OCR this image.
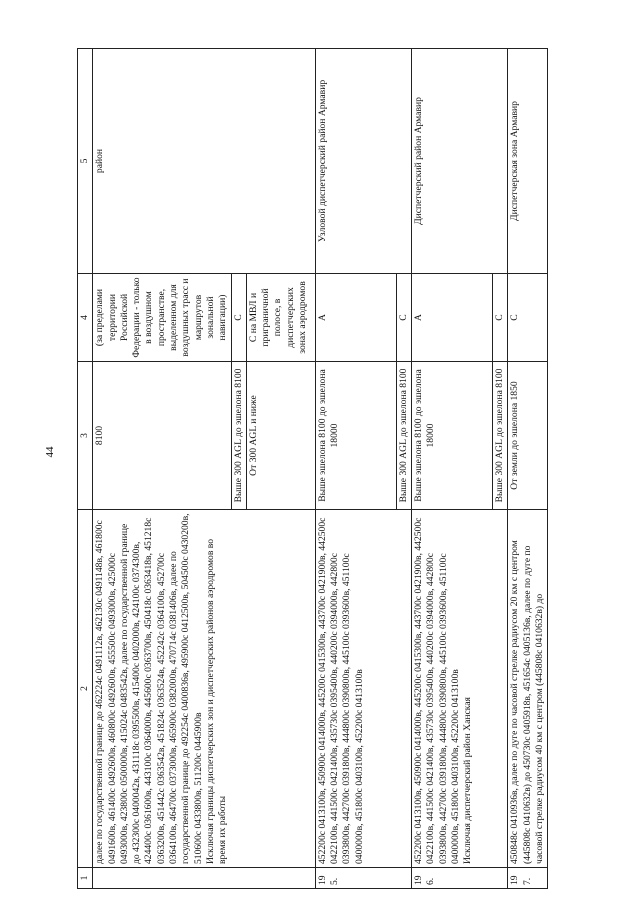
44
1	2	3	4	5

	далее по государственной границе до 462224с 0491112в, 462130с 0491148в, 461800с 0491600в, 461400с 0492600в, 460800с 0492600в, 455500с 0493000в, 425000с 0493000в, 423800с 0500000в, 415024с 0483542в, далее по государственной границе до 432300с 0400042в, 431118с 0395500в, 415400с 0402000в, 424100с 0374300в, 424400с 0361600в, 443100с 0364000в, 445600с 0363700в, 450418с 0363418в, 451218с 0363200в, 451442с 0363542в, 451824с 0363524в, 452242с 0364100в, 452700с 0364100в, 464700с 0373000в, 465900с 0382000в, 470714с 0381406в, далее по государственной границе до 492254с 0400836в, 495900с 0412500в, 504500с 0430200в, 510600с 0433800в, 511200с 0445900в Исключая границы диспетчерских зон и диспетчерских районов аэродромов во время их работы	8100	(за пределами территории Российской Федерации - только в воздушном пространстве, выделенном для воздушных трасс и маршрутов зональной навигации)	район
		Выше 300 AGL до эшелона 8100	C	
		От 300 AGL и ниже	C на МВЛ и приграничной полосе, в диспетчерских зонах аэродромов	
195.	452200с 0413100в, 450900с 0414000в, 445200с 0415300в, 443700с 0421900в, 442500с 0422100в, 441500с 0421400в, 435730с 0395400в, 440200с 0394000в, 442800с 0393800в, 442700с 0391800в, 444800с 0390800в, 445100с 0393600в, 451100с 0400000в, 451800с 0403100в, 452200с 0413100в	Выше эшелона 8100 до эшелона 18000	A	Узловой диспетчерский район Армавир
		Выше 300 AGL до эшелона 8100	C	
196.	452200с 0413100в, 450900с 0414000в, 445200с 0415300в, 443700с 0421900в, 442500с 0422100в, 441500с 0421400в, 435730с 0395400в, 440200с 0394000в, 442800с 0393800в, 442700с 0391800в, 444800с 0390800в, 445100с 0393600в, 451100с 0400000в, 451800с 0403100в, 452200с 0413100в Исключая диспетчерский район Ханская	Выше эшелона 8100 до эшелона 18000	A	Диспетчерский район Армавир
		Выше 300 AGL до эшелона 8100	C	
197.	450848с 0410936в, далее по дуге по часовой стрелке радиусом 20 км с центром (445808с 0410632в) до 450730с 0405918в, 451654с 0405136в, далее по дуге по часовой стрелке радиусом 40 км с центром (445808с 0410632в) до	От земли до эшелона 1850	C	Диспетчерская зона Армавир
